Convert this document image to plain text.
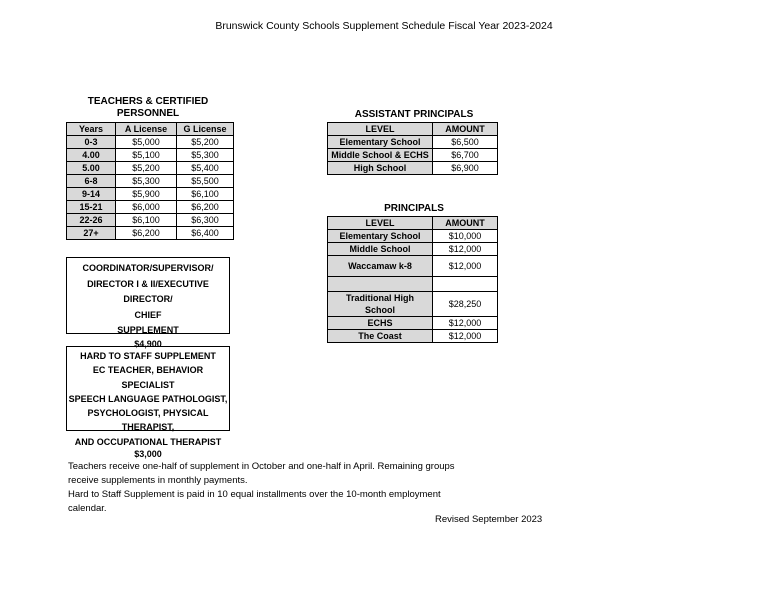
Brunswick County Schools Supplement Schedule Fiscal Year 2023-2024
TEACHERS & CERTIFIED
PERSONNEL
Years	A License	G License
0-3	$5,000	$5,200
4.00	$5,100	$5,300
5.00	$5,200	$5,400
6-8	$5,300	$5,500
9-14	$5,900	$6,100
15-21	$6,000	$6,200
22-26	$6,100	$6,300
27+	$6,200	$6,400
COORDINATOR/SUPERVISOR/
DIRECTOR I & II/EXECUTIVE DIRECTOR/
CHIEF
SUPPLEMENT
$4,900
HARD TO STAFF SUPPLEMENT
EC TEACHER, BEHAVIOR SPECIALIST
SPEECH LANGUAGE PATHOLOGIST,
PSYCHOLOGIST, PHYSICAL THERAPIST,
AND OCCUPATIONAL THERAPIST
$3,000
ASSISTANT PRINCIPALS
LEVEL	AMOUNT
Elementary School	$6,500
Middle School & ECHS	$6,700
High School	$6,900
PRINCIPALS
LEVEL	AMOUNT
Elementary School	$10,000
Middle School	$12,000
Waccamaw k-8	$12,000

Traditional High School	$28,250
ECHS	$12,000
The Coast	$12,000
Teachers receive one-half of supplement in October and one-half in April. Remaining groups
receive supplements in monthly payments.
Hard to Staff Supplement is paid in 10 equal installments over the 10-month employment
calendar.
Revised September 2023
